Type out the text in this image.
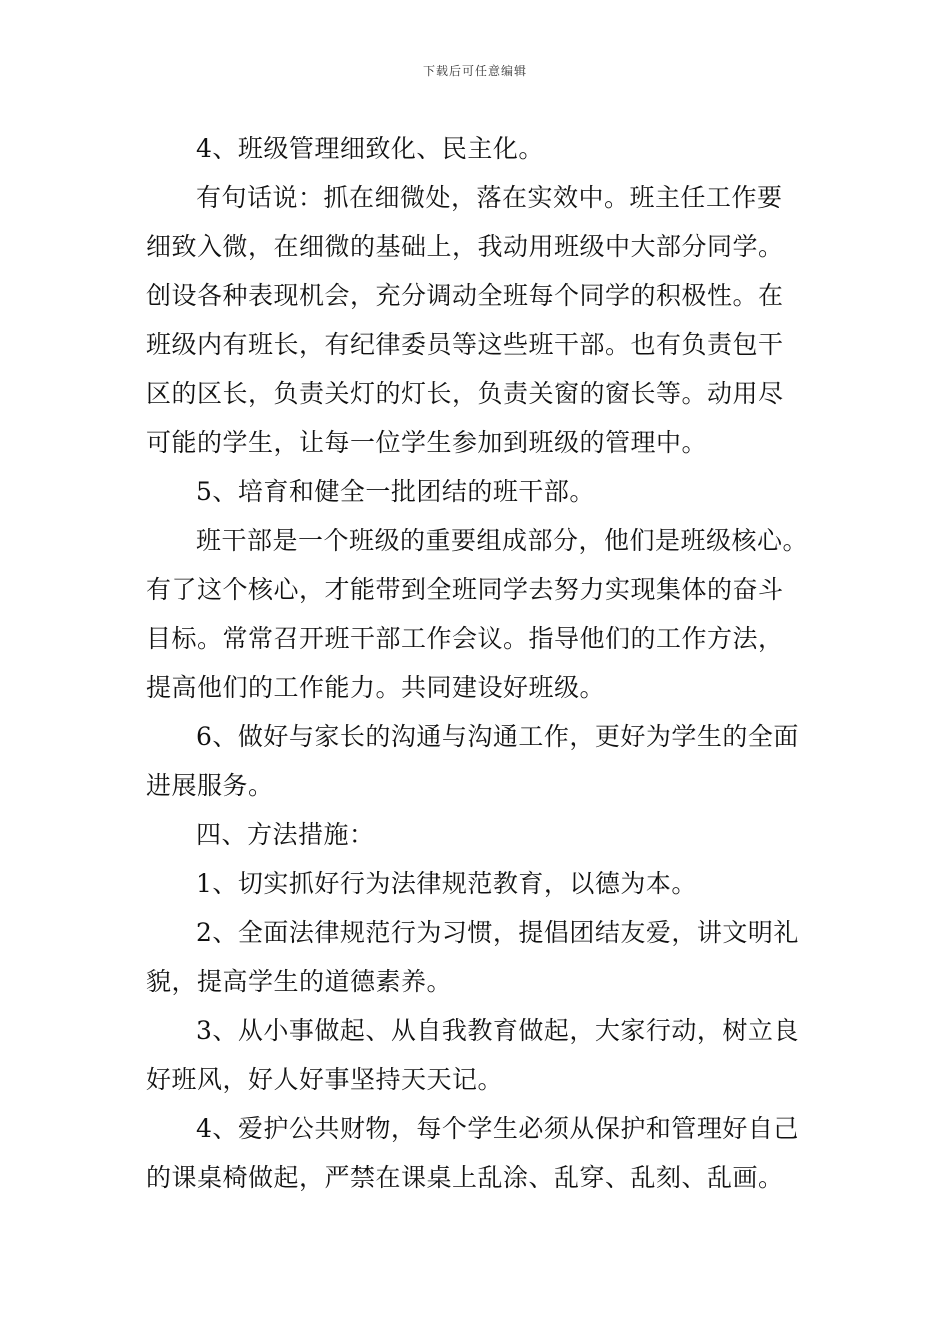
下载后可任意编辑
4、班级管理细致化、民主化。
有句话说：抓在细微处，落在实效中。班主任工作要
细致入微，在细微的基础上，我动用班级中大部分同学。
创设各种表现机会，充分调动全班每个同学的积极性。在
班级内有班长，有纪律委员等这些班干部。也有负责包干
区的区长，负责关灯的灯长，负责关窗的窗长等。动用尽
可能的学生，让每一位学生参加到班级的管理中。
5、培育和健全一批团结的班干部。
班干部是一个班级的重要组成部分，他们是班级核心。
有了这个核心，才能带到全班同学去努力实现集体的奋斗
目标。常常召开班干部工作会议。指导他们的工作方法，
提高他们的工作能力。共同建设好班级。
6、做好与家长的沟通与沟通工作，更好为学生的全面
进展服务。
四、方法措施：
1、切实抓好行为法律规范教育，以德为本。
2、全面法律规范行为习惯，提倡团结友爱，讲文明礼
貌，提高学生的道德素养。
3、从小事做起、从自我教育做起，大家行动，树立良
好班风，好人好事坚持天天记。
4、爱护公共财物，每个学生必须从保护和管理好自己
的课桌椅做起，严禁在课桌上乱涂、乱穿、乱刻、乱画。
